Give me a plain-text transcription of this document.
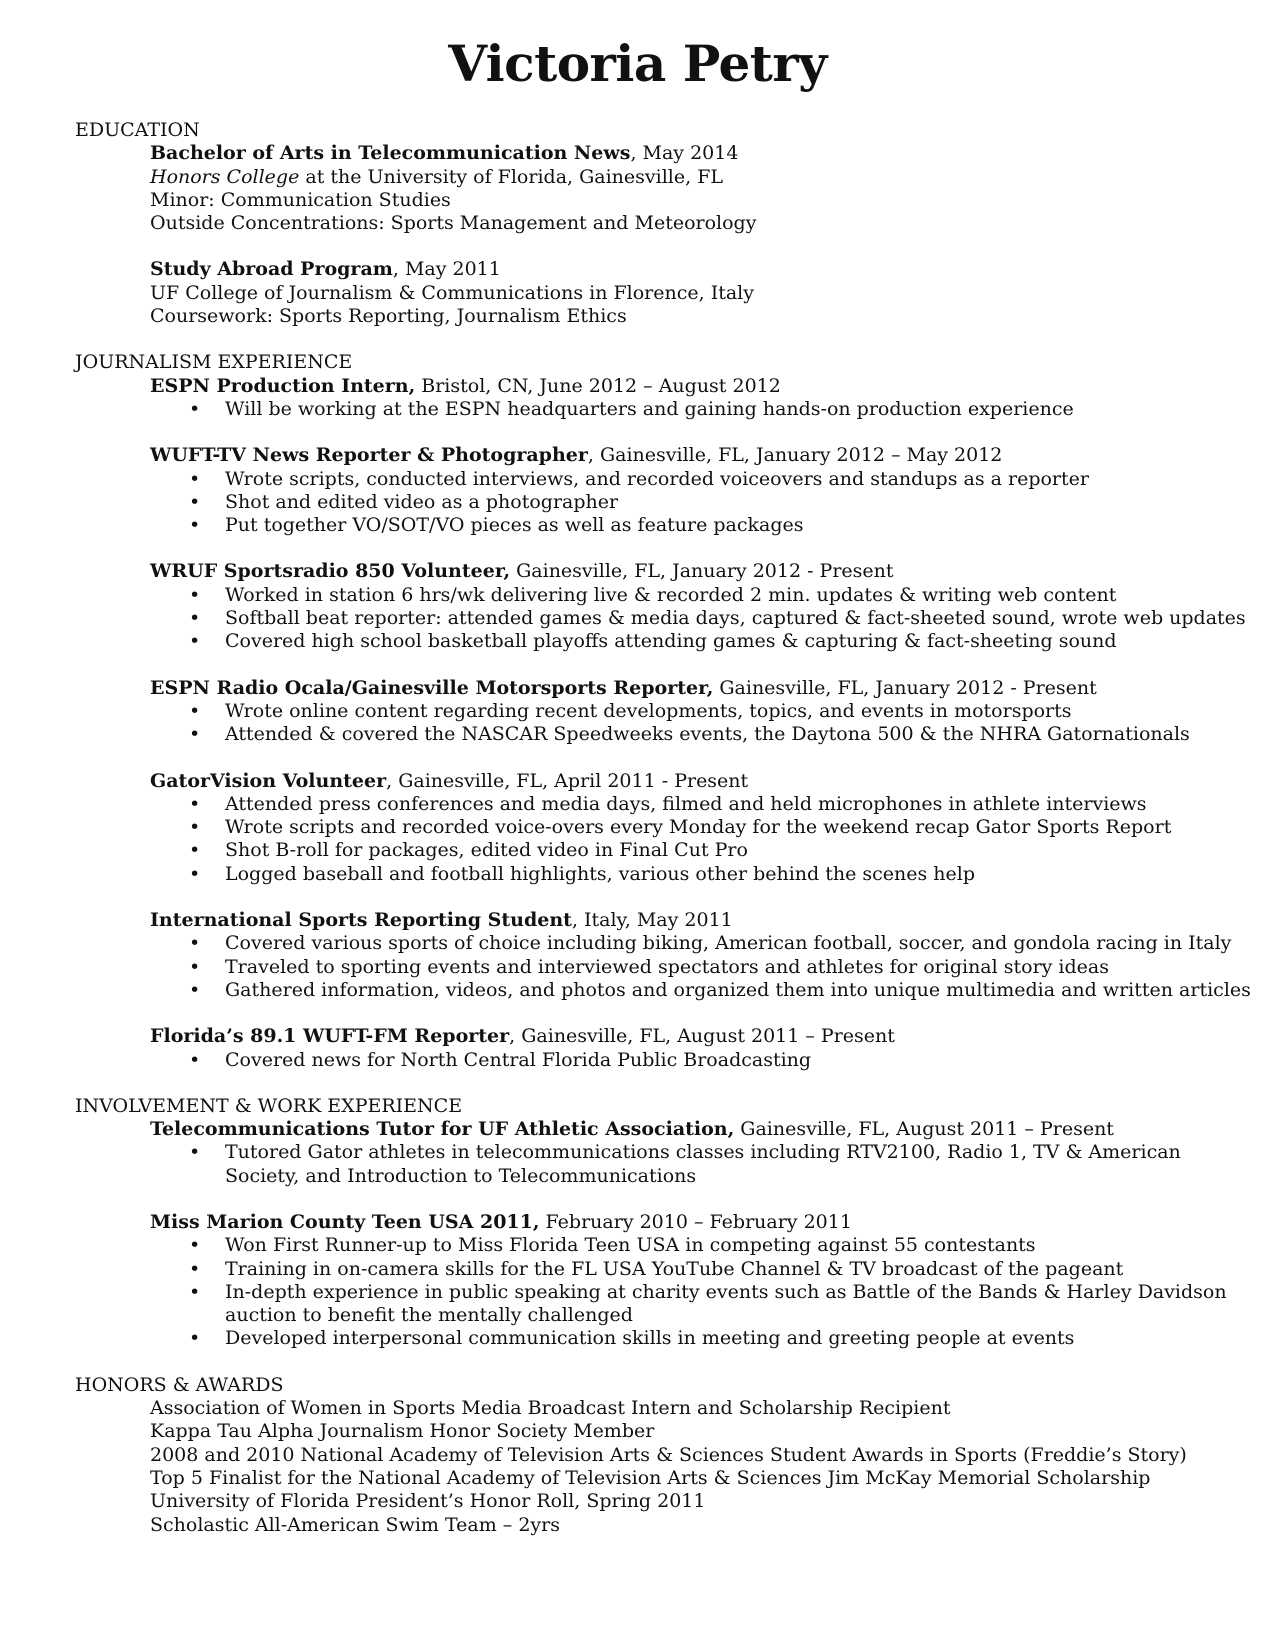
Victoria Petry

EDUCATION

Bachelor of Arts in Telecommunication News, May 2014

Honors College at the University of Florida, Gainesville, FL

Minor: Communication Studies

Outside Concentrations: Sports Management and Meteorology

Study Abroad Program, May 2011

UF College of Journalism & Communications in Florence, Italy

Coursework: Sports Reporting, Journalism Ethics

JOURNALISM EXPERIENCE

ESPN Production Intern, Bristol, CN, June 2012 – August 2012

• Will be working at the ESPN headquarters and gaining hands-on production experience

WUFT-TV News Reporter & Photographer, Gainesville, FL, January 2012 – May 2012

• Wrote scripts, conducted interviews, and recorded voiceovers and standups as a reporter
• Shot and edited video as a photographer
• Put together VO/SOT/VO pieces as well as feature packages

WRUF Sportsradio 850 Volunteer, Gainesville, FL, January 2012 - Present

• Worked in station 6 hrs/wk delivering live & recorded 2 min. updates & writing web content
• Softball beat reporter: attended games & media days, captured & fact-sheeted sound, wrote web updates
• Covered high school basketball playoffs attending games & capturing & fact-sheeting sound

ESPN Radio Ocala/Gainesville Motorsports Reporter, Gainesville, FL, January 2012 - Present

• Wrote online content regarding recent developments, topics, and events in motorsports
• Attended & covered the NASCAR Speedweeks events, the Daytona 500 & the NHRA Gatornationals

GatorVision Volunteer, Gainesville, FL, April 2011 - Present

• Attended press conferences and media days, filmed and held microphones in athlete interviews
• Wrote scripts and recorded voice-overs every Monday for the weekend recap Gator Sports Report
• Shot B-roll for packages, edited video in Final Cut Pro
• Logged baseball and football highlights, various other behind the scenes help

International Sports Reporting Student, Italy, May 2011

• Covered various sports of choice including biking, American football, soccer, and gondola racing in Italy
• Traveled to sporting events and interviewed spectators and athletes for original story ideas
• Gathered information, videos, and photos and organized them into unique multimedia and written articles

Florida’s 89.1 WUFT-FM Reporter, Gainesville, FL, August 2011 – Present

• Covered news for North Central Florida Public Broadcasting

INVOLVEMENT & WORK EXPERIENCE

Telecommunications Tutor for UF Athletic Association, Gainesville, FL, August 2011 – Present

• Tutored Gator athletes in telecommunications classes including RTV2100, Radio 1, TV & American Society, and Introduction to Telecommunications

Miss Marion County Teen USA 2011, February 2010 – February 2011

• Won First Runner-up to Miss Florida Teen USA in competing against 55 contestants
• Training in on-camera skills for the FL USA YouTube Channel & TV broadcast of the pageant
• In-depth experience in public speaking at charity events such as Battle of the Bands & Harley Davidson auction to benefit the mentally challenged
• Developed interpersonal communication skills in meeting and greeting people at events

HONORS & AWARDS

Association of Women in Sports Media Broadcast Intern and Scholarship Recipient

Kappa Tau Alpha Journalism Honor Society Member

2008 and 2010 National Academy of Television Arts & Sciences Student Awards in Sports (Freddie’s Story)

Top 5 Finalist for the National Academy of Television Arts & Sciences Jim McKay Memorial Scholarship

University of Florida President’s Honor Roll, Spring 2011

Scholastic All-American Swim Team – 2yrs
